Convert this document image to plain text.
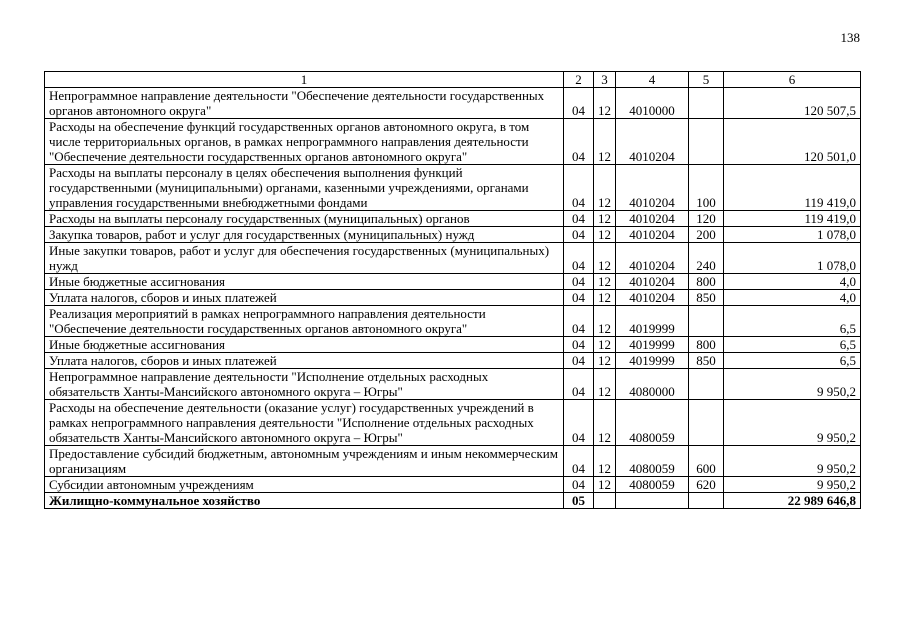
138
1	2	3	4	5	6
Непрограммное направление деятельности "Обеспечение деятельности государственных органов автономного округа"	04	12	4010000		120 507,5
Расходы на обеспечение функций государственных органов автономного округа, в том числе территориальных органов, в рамках непрограммного направления деятельности "Обеспечение деятельности государственных органов автономного округа"	04	12	4010204		120 501,0
Расходы на выплаты персоналу в целях обеспечения выполнения функций государственными (муниципальными) органами, казенными учреждениями, органами управления государственными внебюджетными фондами	04	12	4010204	100	119 419,0
Расходы на выплаты персоналу государственных (муниципальных) органов	04	12	4010204	120	119 419,0
Закупка товаров, работ и услуг для государственных (муниципальных) нужд	04	12	4010204	200	1 078,0
Иные закупки товаров, работ и услуг для обеспечения государственных (муниципальных) нужд	04	12	4010204	240	1 078,0
Иные бюджетные ассигнования	04	12	4010204	800	4,0
Уплата налогов, сборов и иных платежей	04	12	4010204	850	4,0
Реализация мероприятий в рамках непрограммного направления деятельности "Обеспечение деятельности государственных органов автономного округа"	04	12	4019999		6,5
Иные бюджетные ассигнования	04	12	4019999	800	6,5
Уплата налогов, сборов и иных платежей	04	12	4019999	850	6,5
Непрограммное направление деятельности "Исполнение отдельных расходных обязательств Ханты-Мансийского автономного округа – Югры"	04	12	4080000		9 950,2
Расходы на обеспечение деятельности (оказание услуг) государственных учреждений в рамках непрограммного направления деятельности "Исполнение отдельных расходных обязательств Ханты-Мансийского автономного округа – Югры"	04	12	4080059		9 950,2
Предоставление субсидий бюджетным, автономным учреждениям и иным некоммерческим организациям	04	12	4080059	600	9 950,2
Субсидии автономным учреждениям	04	12	4080059	620	9 950,2
Жилищно-коммунальное хозяйство	05				22 989 646,8
